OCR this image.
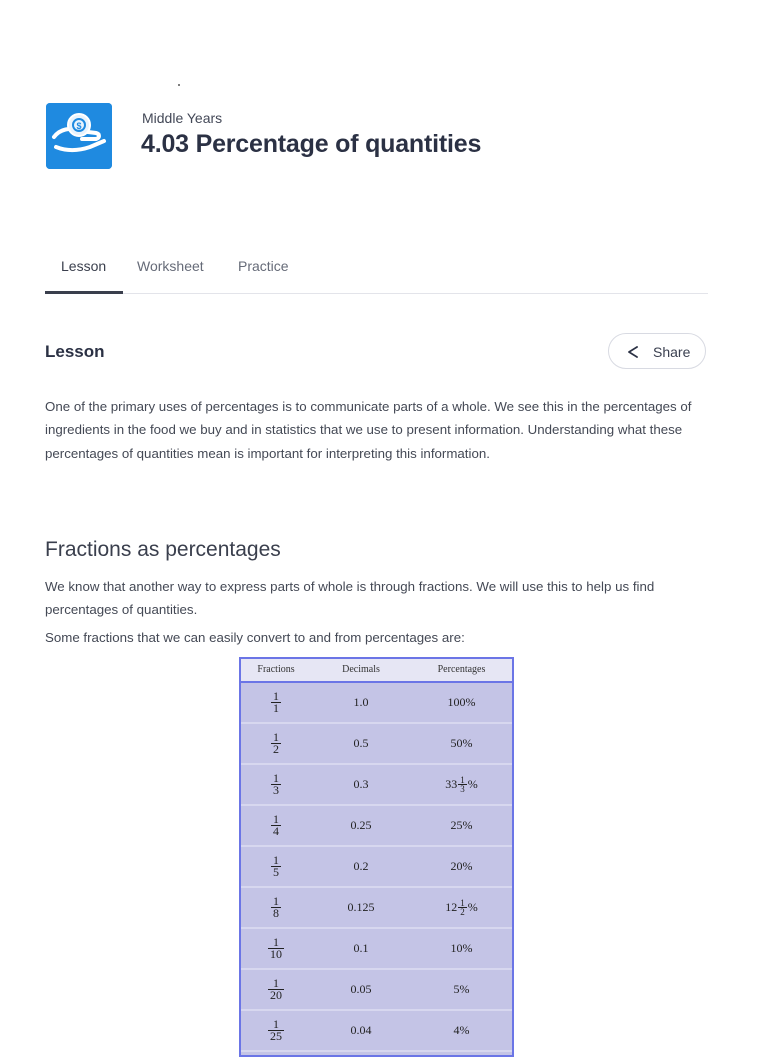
$	Middle Years
4.03 Percentage of quantities
Lesson Worksheet Practice
Lesson	Share
One of the primary uses of percentages is to communicate parts of a whole. We see this in the percentages of ingredients in the food we buy and in statistics that we use to present information. Understanding what these percentages of quantities mean is important for interpreting this information.
Fractions as percentages
We know that another way to express parts of whole is through fractions. We will use this to help us find percentages of quantities.
Some fractions that we can easily convert to and from percentages are:
Fractions	Decimals	Percentages
$\frac{1}{1}$	1.0	100%
$\frac{1}{2}$	0.5	50%
$\frac{1}{3}$	0.3	$33 \frac{1}{3}$ %
$\frac{1}{4}$	0.25	25%
$\frac{1}{5}$	0.2	20%
$\frac{1}{8}$	0.125	$12 \frac{1}{2}$ %
$\frac{1}{10}$	0.1	10%
$\frac{1}{20}$	0.05	5%
$\frac{1}{25}$	0.04	4%
